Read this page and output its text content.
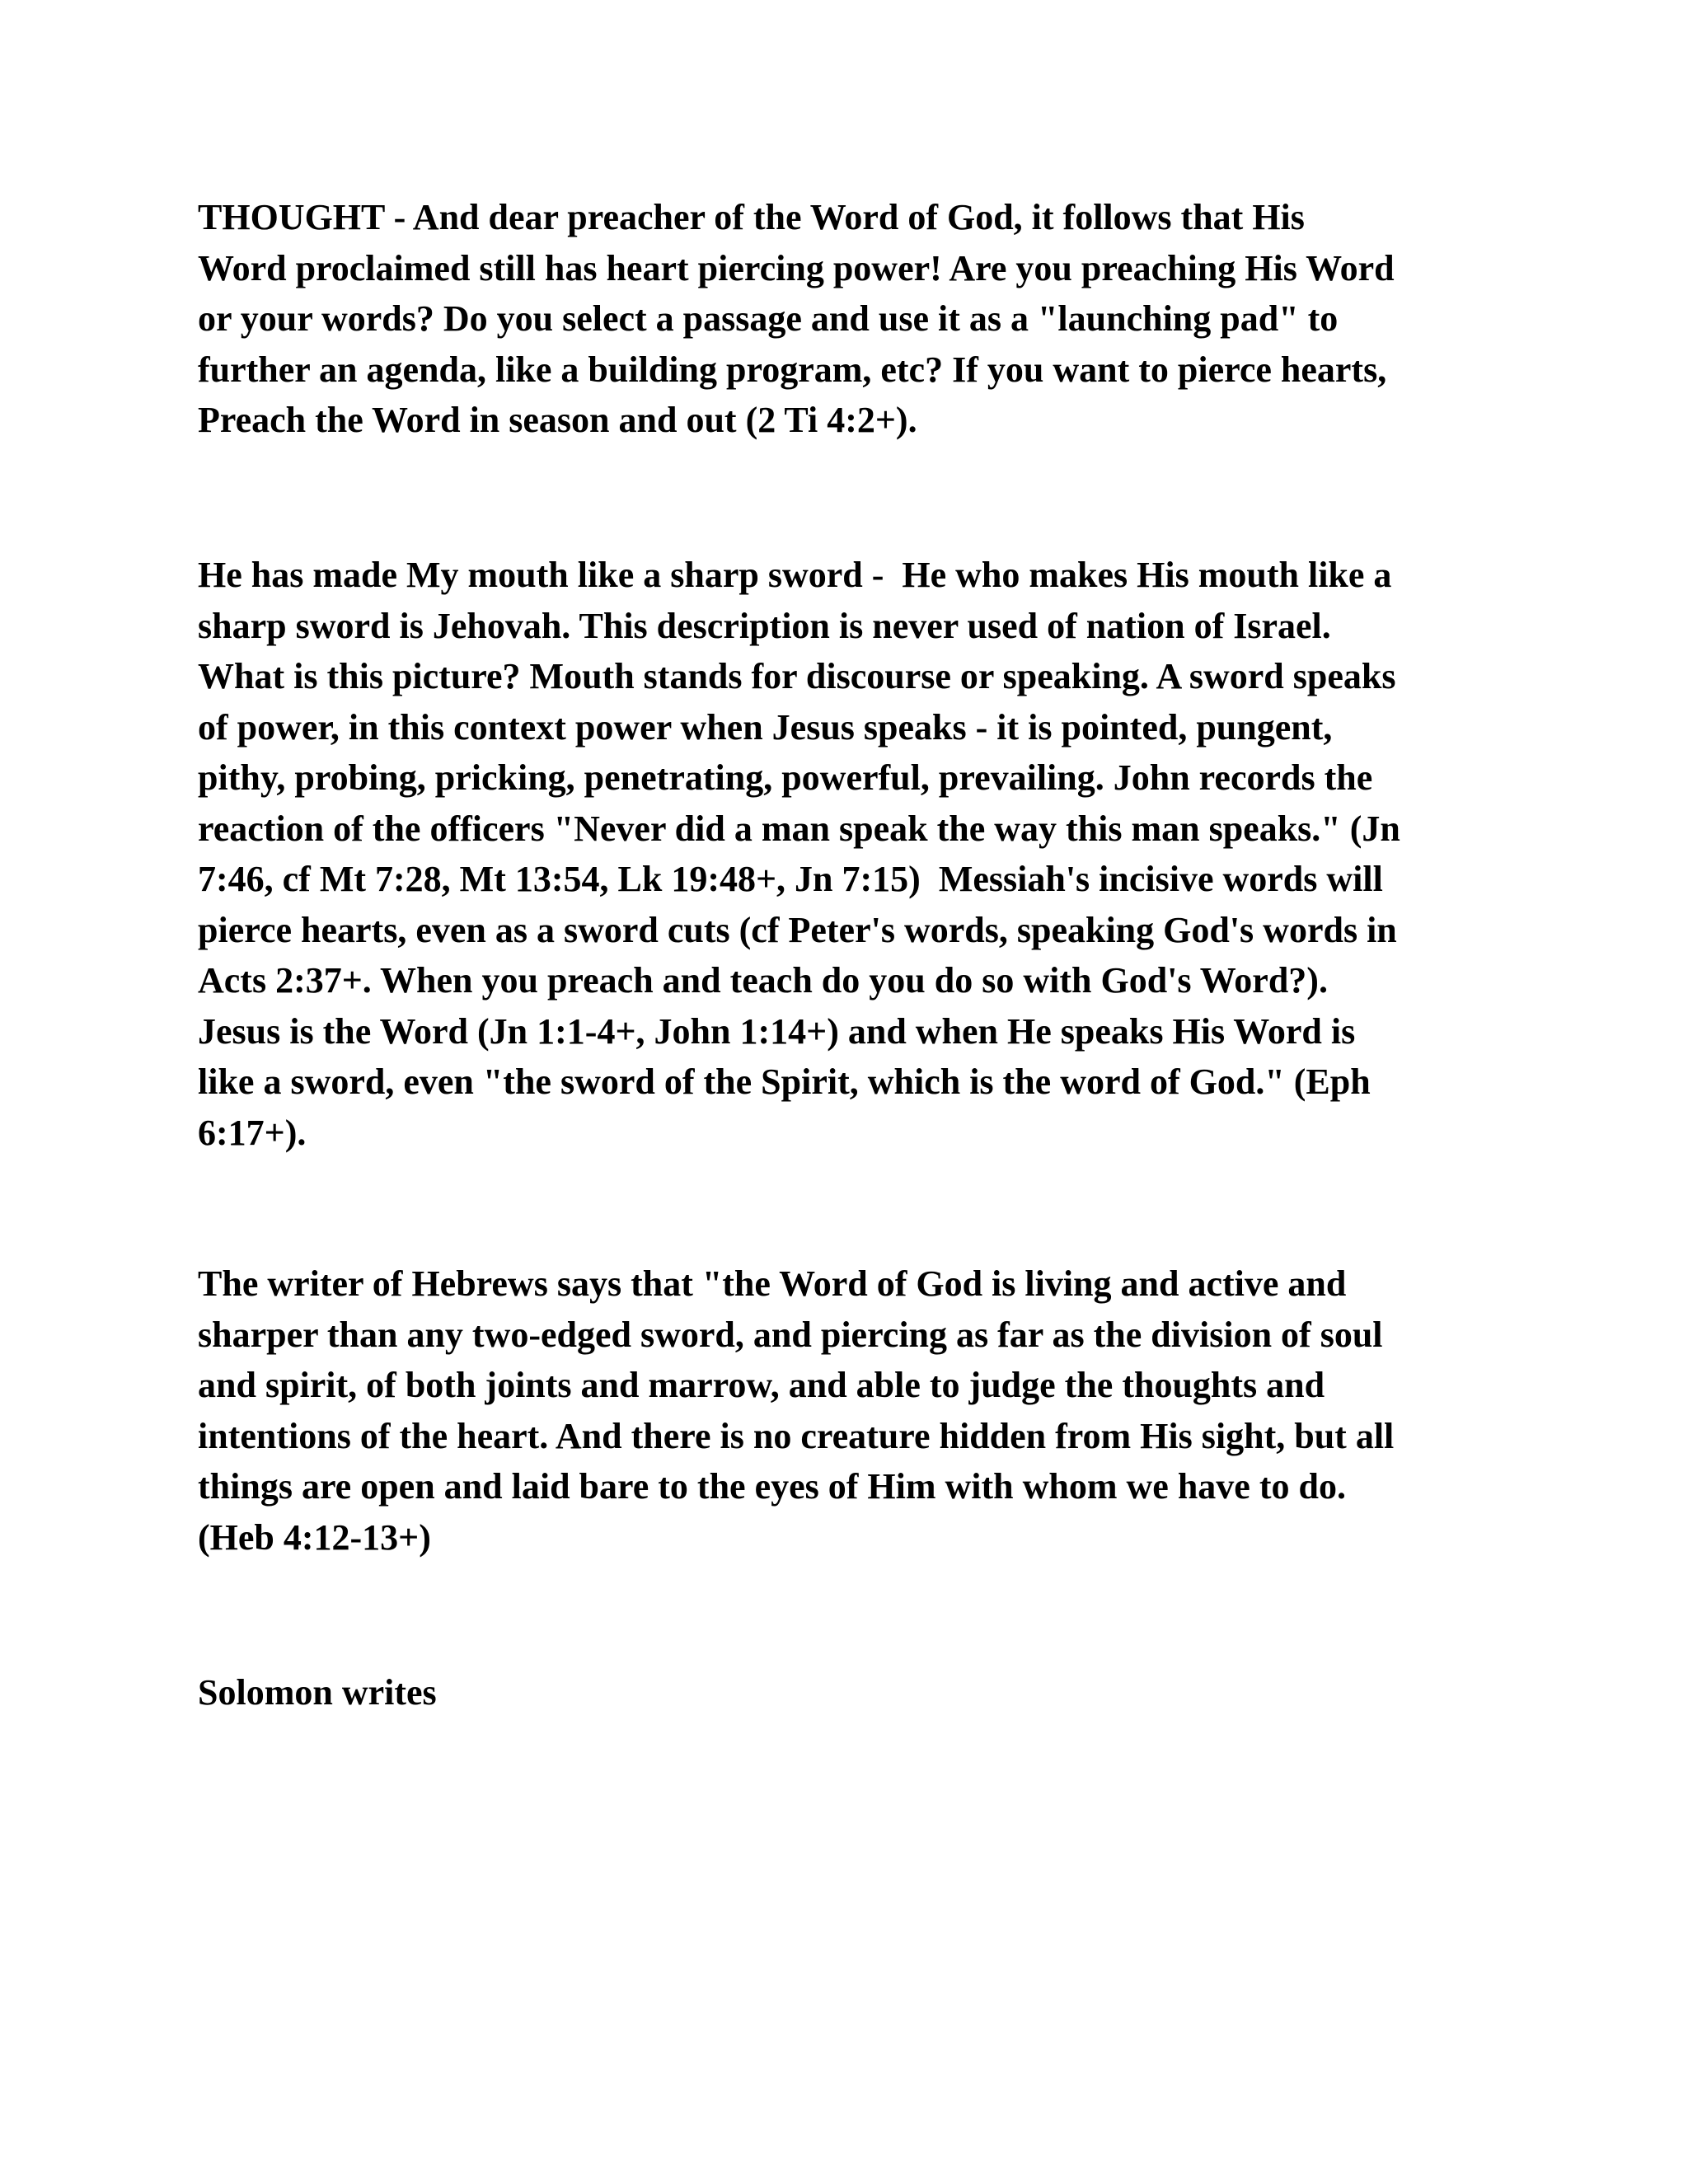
THOUGHT - And dear preacher of the Word of God, it follows that His
Word proclaimed still has heart piercing power! Are you preaching His Word
or your words? Do you select a passage and use it as a "launching pad" to
further an agenda, like a building program, etc? If you want to pierce hearts,
Preach the Word in season and out (2 Ti 4:2+).

He has made My mouth like a sharp sword -  He who makes His mouth like a
sharp sword is Jehovah. This description is never used of nation of Israel.
What is this picture? Mouth stands for discourse or speaking. A sword speaks
of power, in this context power when Jesus speaks - it is pointed, pungent,
pithy, probing, pricking, penetrating, powerful, prevailing. John records the
reaction of the officers "Never did a man speak the way this man speaks." (Jn
7:46, cf Mt 7:28, Mt 13:54, Lk 19:48+, Jn 7:15)  Messiah's incisive words will
pierce hearts, even as a sword cuts (cf Peter's words, speaking God's words in
Acts 2:37+. When you preach and teach do you do so with God's Word?).
Jesus is the Word (Jn 1:1-4+, John 1:14+) and when He speaks His Word is
like a sword, even "the sword of the Spirit, which is the word of God." (Eph
6:17+).

The writer of Hebrews says that "the Word of God is living and active and
sharper than any two-edged sword, and piercing as far as the division of soul
and spirit, of both joints and marrow, and able to judge the thoughts and
intentions of the heart. And there is no creature hidden from His sight, but all
things are open and laid bare to the eyes of Him with whom we have to do.
(Heb 4:12-13+)

Solomon writes
